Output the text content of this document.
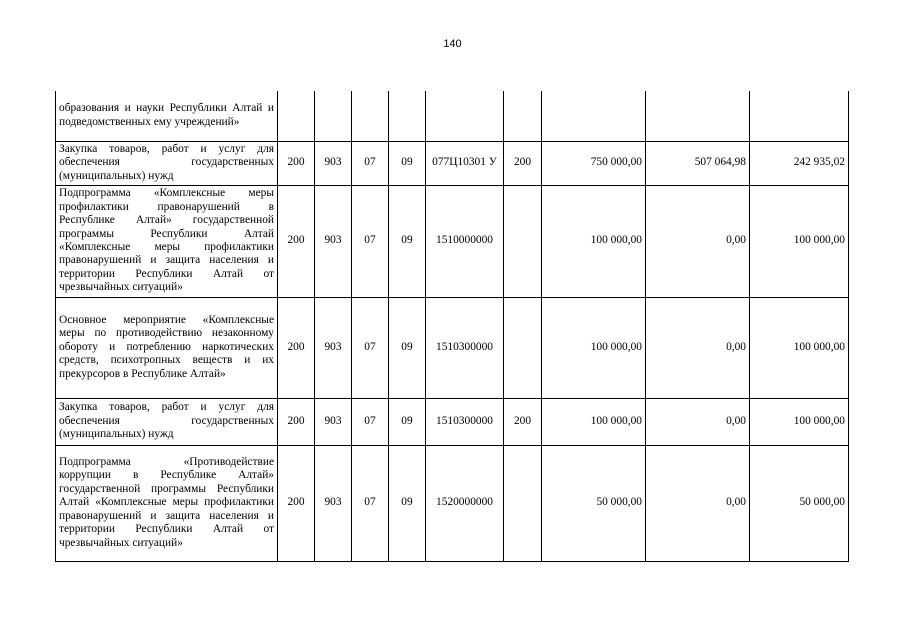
140
образования и науки Республики Алтай и подведомственных ему учреждений»									
Закупка товаров, работ и услуг для обеспечения государственных (муниципальных) нужд	200	903	07	09	077Ц10301 У	200	750 000,00	507 064,98	242 935,02
Подпрограмма «Комплексные меры профилактики правонарушений в Республике Алтай» государственной программы Республики Алтай «Комплексные меры профилактики правонарушений и защита населения и территории Республики Алтай от чрезвычайных ситуаций»	200	903	07	09	1510000000		100 000,00	0,00	100 000,00
Основное мероприятие «Комплексные меры по противодействию незаконному обороту и потреблению наркотических средств, психотропных веществ и их прекурсоров в Республике Алтай»	200	903	07	09	1510300000		100 000,00	0,00	100 000,00
Закупка товаров, работ и услуг для обеспечения государственных (муниципальных) нужд	200	903	07	09	1510300000	200	100 000,00	0,00	100 000,00
Подпрограмма «Противодействие коррупции в Республике Алтай» государственной программы Республики Алтай «Комплексные меры профилактики правонарушений и защита населения и территории Республики Алтай от чрезвычайных ситуаций»	200	903	07	09	1520000000		50 000,00	0,00	50 000,00
